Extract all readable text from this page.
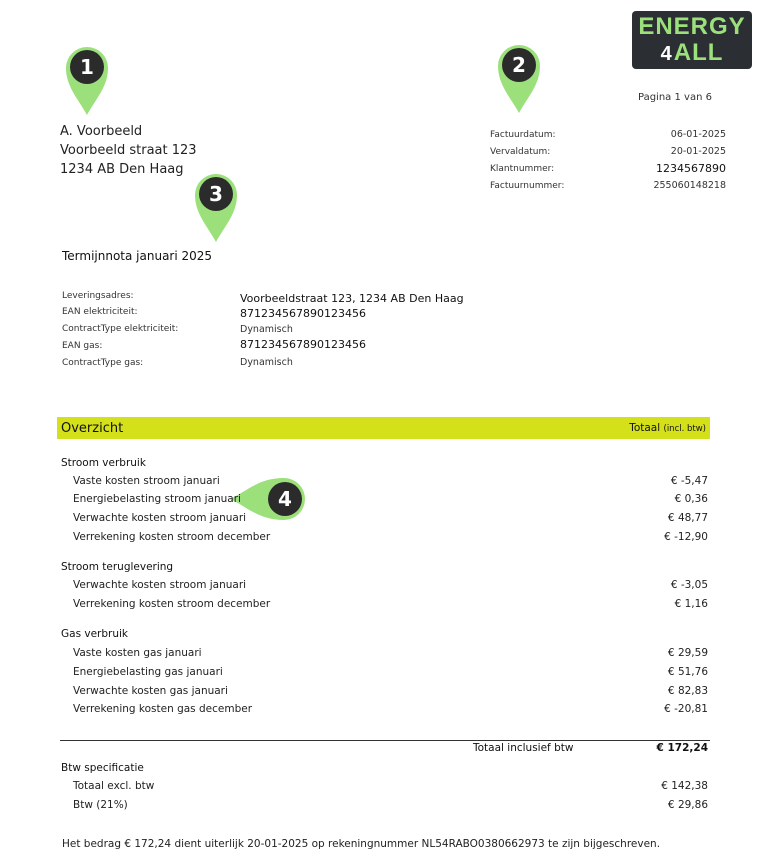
ENERGY
4ALL
1	2
3
4
Pagina 1 van 6
A. Voorbeeld
Voorbeeld straat 123
1234 AB Den Haag
Factuurdatum:	06-01-2025
Vervaldatum:	20-01-2025
Klantnummer:	1234567890
Factuurnummer:	255060148218
Termijnnota januari 2025
Leveringsadres:	Voorbeeldstraat 123, 1234 AB Den Haag
EAN elektriciteit:	871234567890123456
ContractType elektriciteit:	Dynamisch
EAN gas:	871234567890123456
ContractType gas:	Dynamisch
Overzicht	Totaal (incl. btw)
Stroom verbruik
Vaste kosten stroom januari	€ -5,47
Energiebelasting stroom januari	€ 0,36
Verwachte kosten stroom januari	€ 48,77
Verrekening kosten stroom december	€ -12,90
Stroom teruglevering
Verwachte kosten stroom januari	€ -3,05
Verrekening kosten stroom december	€ 1,16
Gas verbruik
Vaste kosten gas januari	€ 29,59
Energiebelasting gas januari	€ 51,76
Verwachte kosten gas januari	€ 82,83
Verrekening kosten gas december	€ -20,81
Totaal inclusief btw	€ 172,24
Btw specificatie
Totaal excl. btw	€ 142,38
Btw (21%)	€ 29,86
Het bedrag € 172,24 dient uiterlijk 20-01-2025 op rekeningnummer NL54RABO0380662973 te zijn bijgeschreven.
